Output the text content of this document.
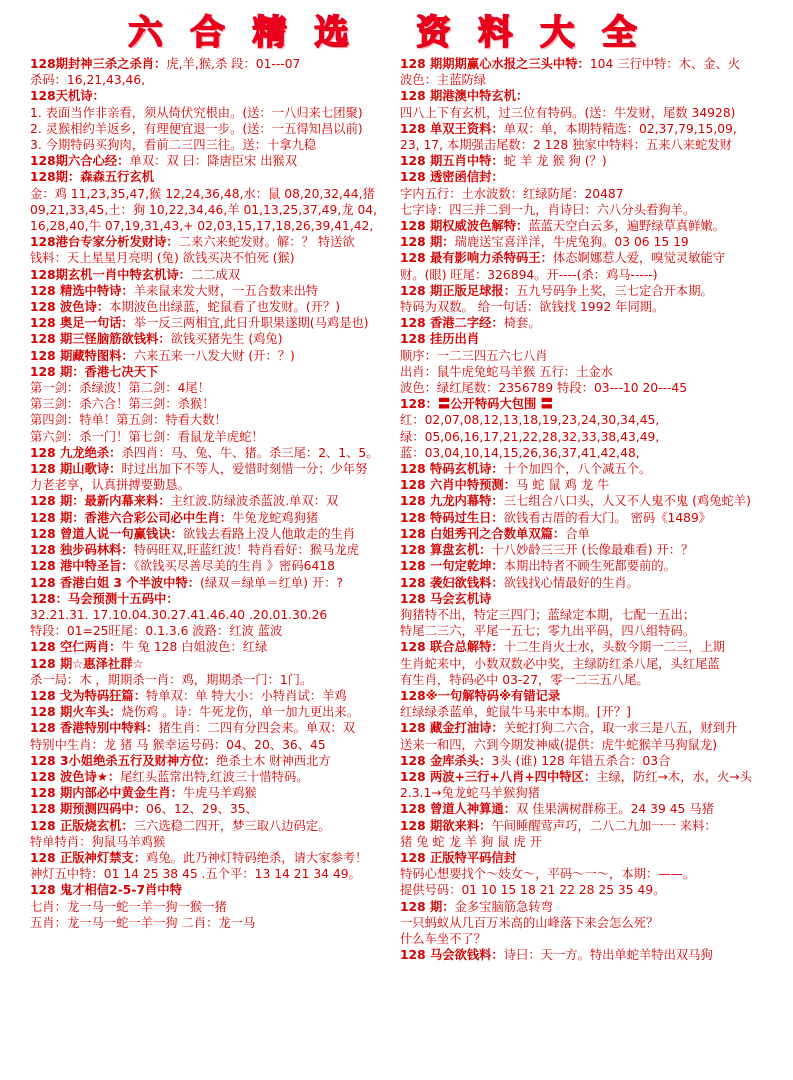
六合精选 资料大全
128期封神三杀之杀肖：虎,羊,猴,杀 段：01---07
杀码：16,21,43,46,
128天机诗：
1. 表面当作非亲看，须从倚伏究根由。(送：一八归来七团聚)
2. 灵猴相约羊返乡，有理便宜退一步。(送：一五得知昌以前)
3. 今期特码买狗肉，看前二三四三往。送：十拿九稳
128期六合心经：单双：双 曰：降唐臣宋 出猴双
128期：森森五行玄机
金：鸡 11,23,35,47,猴 12,24,36,48,水：鼠 08,20,32,44,猪
09,21,33,45,土：狗 10,22,34,46,羊 01,13,25,37,49,龙 04,
16,28,40,牛 07,19,31,43,+ 02,03,15,17,18,26,39,41,42,
128港台专家分析发财诗：二来六来蛇发财。解：？ 特送欲
钱料：天上星星月亮明 (兔) 欲钱买决不怕死 (猴)
128期玄机一肖中特玄机诗：二二成双
128 精选中特诗：羊来鼠来发大财，一五合数来出特
128 波色诗：本期波色出绿蓝，蛇鼠看了也发财。(开？)
128 奥足一句话：举一反三两相宜,此日升职果遂期(马鸡是也)
128 期三怪脑筋欲钱料：欲钱买猪先生 (鸡兔)
128 期藏特图料：六来五来一八发大财 (开：？)
128 期：香港七决天下
第一剑：杀绿波！第二剑：4尾！
第三剑：杀六合！第三剑：杀猴！
第四剑：特单！第五剑：特看大数！
第六剑：杀一门！第七剑：看鼠龙羊虎蛇！
128 九龙绝杀：杀四肖：马、兔、牛、猪。杀三尾：2、1、5。
128 期山歌诗：时过出加下不等人，爱惜时刻惜一分；少年努
力老老享，认真拼搏要勤恳。
128 期：最新内幕来料：主红波.防绿波杀蓝波.单双：双
128 期：香港六合彩公司必中生肖：牛兔龙蛇鸡狗猪
128 曾道人说一句赢钱诀：欲钱去看路上没人他敢走的生肖
128 独步码林料：特码旺双,旺蓝红波！特肖看好：猴马龙虎
128 港中特圣旨：《欲钱买尽善尽美的生肖 》密码6418
128 香港白姐 3 个半波中特：(绿双＝绿单＝红单) 开：?
128：马会预测十五码中：
32.21.31. 17.10.04.30.27.41.46.40 .20.01.30.26
特段：01=25旺尾：0.1.3.6 波路：红波 蓝波
128 空仁两肖：牛 兔 128 白姐波色：红绿
128 期☆惠泽社群☆
杀一局：木 ，期期杀一肖：鸡，期期杀一门：1门。
128 戈为特码狂篇：特单双：单 特大小：小特肖试：羊鸡
128 期火车头：烧伤鸡 。诗：牛死龙伤，单一加九更出来。
128 香港特别中特料：猪生肖：二四有分四会来。单双：双
特别中生肖：龙 猪 马 猴幸运号码：04、20、36、45
128 3小姐绝杀五行及财神方位：绝杀土木 财神西北方
128 波色诗★：尾红头蓝常出特,红波三十惜特码。
128 期内部必中黄金生肖：牛虎马羊鸡猴
128 期预测四码中：06、12、29、35、
128 正版烧玄机：三六选稳二四开，梦三取八边码定。
特单特肖：狗鼠马羊鸡猴
128 正版神灯禁支：鸡兔。此乃神灯特码绝杀，请大家参考！
神灯五中特：01 14 25 38 45 .五个平：13 14 21 34 49。
128 鬼才相信2-5-7肖中特
七肖：龙一马一蛇一羊一狗一猴一猪
五肖：龙一马一蛇一羊一狗 二肖：龙一马
128 期期期赢心水报之三头中特：104 三行中特：木、金、火
波色：主蓝防绿
128 期港澳中特玄机：
四八上下有玄机，过三位有特码。(送：牛发财，尾数 34928)
128 单双王资料：单双：单，本期特精选：02,37,79,15,09,
23, 17, 本期强击尾数：2 128 独家中特料：五来八来蛇发财
128 期五肖中特：蛇 羊 龙 猴 狗 (？)
128 透密函信封：
字内五行：土水波数：红绿防尾：20487
七字诗：四三并二到一九，肖诗曰：六八分头看狗羊。
128 期权威波色解特：蓝蓝天空白云多，遍野绿草真鲜嫩。
128 期：瑞鹿送宝喜洋洋，牛虎兔狗。03 06 15 19
128 最有影响力杀特码王：体态婀娜惹人爱，嗅觉灵敏能守
财。(眼) 旺尾：326894。开----(杀：鸡马-----)
128 期正版足球报：五九号码争上奖，三七定合开本期。
特码为双数。 给一句话：欲钱找 1992 年同期。
128 香港二字经：椅套。
128 挂历出肖
顺序：一二三四五六七八肖
出肖：鼠牛虎兔蛇马羊猴 五行：土金水
波色：绿红尾数：2356789 特段：03---10 20---45
128：〓公开特码大包围 〓
红：02,07,08,12,13,18,19,23,24,30,34,45,
绿：05,06,16,17,21,22,28,32,33,38,43,49,
蓝：03,04,10,14,15,26,36,37,41,42,48,
128 特码玄机诗：十个加四个，八个减五个。
128 六肖中特预测：马 蛇 鼠 鸡 龙 牛
128 九龙内幕特：三七组合八口头，人又不人鬼不鬼 (鸡兔蛇羊)
128 特码过生日：欲钱看古厝的看大门。 密码《1489》
128 白姐秀刊之合数单双篇：合单
128 算盘玄机：十八妙龄三三开 (长像最难看) 开：？
128 一句定乾坤：本期出特者不顾生死都要前的。
128 袭妇欲钱料：欲钱找心情最好的生肖。
128 马会玄机诗
狗猪特不出，特定三四门；蓝绿定本期，七配一五出；
特尾二三六，平尾一五七；零九出平码，四八组特码。
128 联合总解特：十二生肖火土水，头数今期一二三，上期
生肖蛇来中，小数双数必中奖，主绿防红杀八尾，头红尾蓝
有生肖，特码必中 03-27，零一二三五八尾。
128※一句解特码※有错记录
红绿绿杀蓝单，蛇鼠牛马来中本期。[开？]
128 藏金打油诗：关蛇打狗二六合，取一求三是八五，财到升
送来一和四，六到今期发神威(提供：虎牛蛇猴羊马狗鼠龙)
128 金库杀头：3头 (谁) 128 年错五杀合：03合
128 两波+三行+八肖+四中特区：主绿，防红→木，水，火→头
2.3.1→兔龙蛇马羊猴狗猪
128 曾道人神算通：双 佳果满树群称王。24 39 45 马猪
128 期欲来料：午间睡醒莺声巧，二八二九加一一 来料：
猪 兔 蛇 龙 羊 狗 鼠 虎 开
128 正版特平码信封
特码心想要找个～妓女～，平码～一～，本期：——。
提供号码：01 10 15 18 21 22 28 25 35 49。
128 期：金多宝脑筋急转弯
一只蚂蚁从几百万米高的山峰落下来会怎么死？
什么车坐不了？
128 马会欲钱料：诗曰：天一方。特出单蛇羊特出双马狗
